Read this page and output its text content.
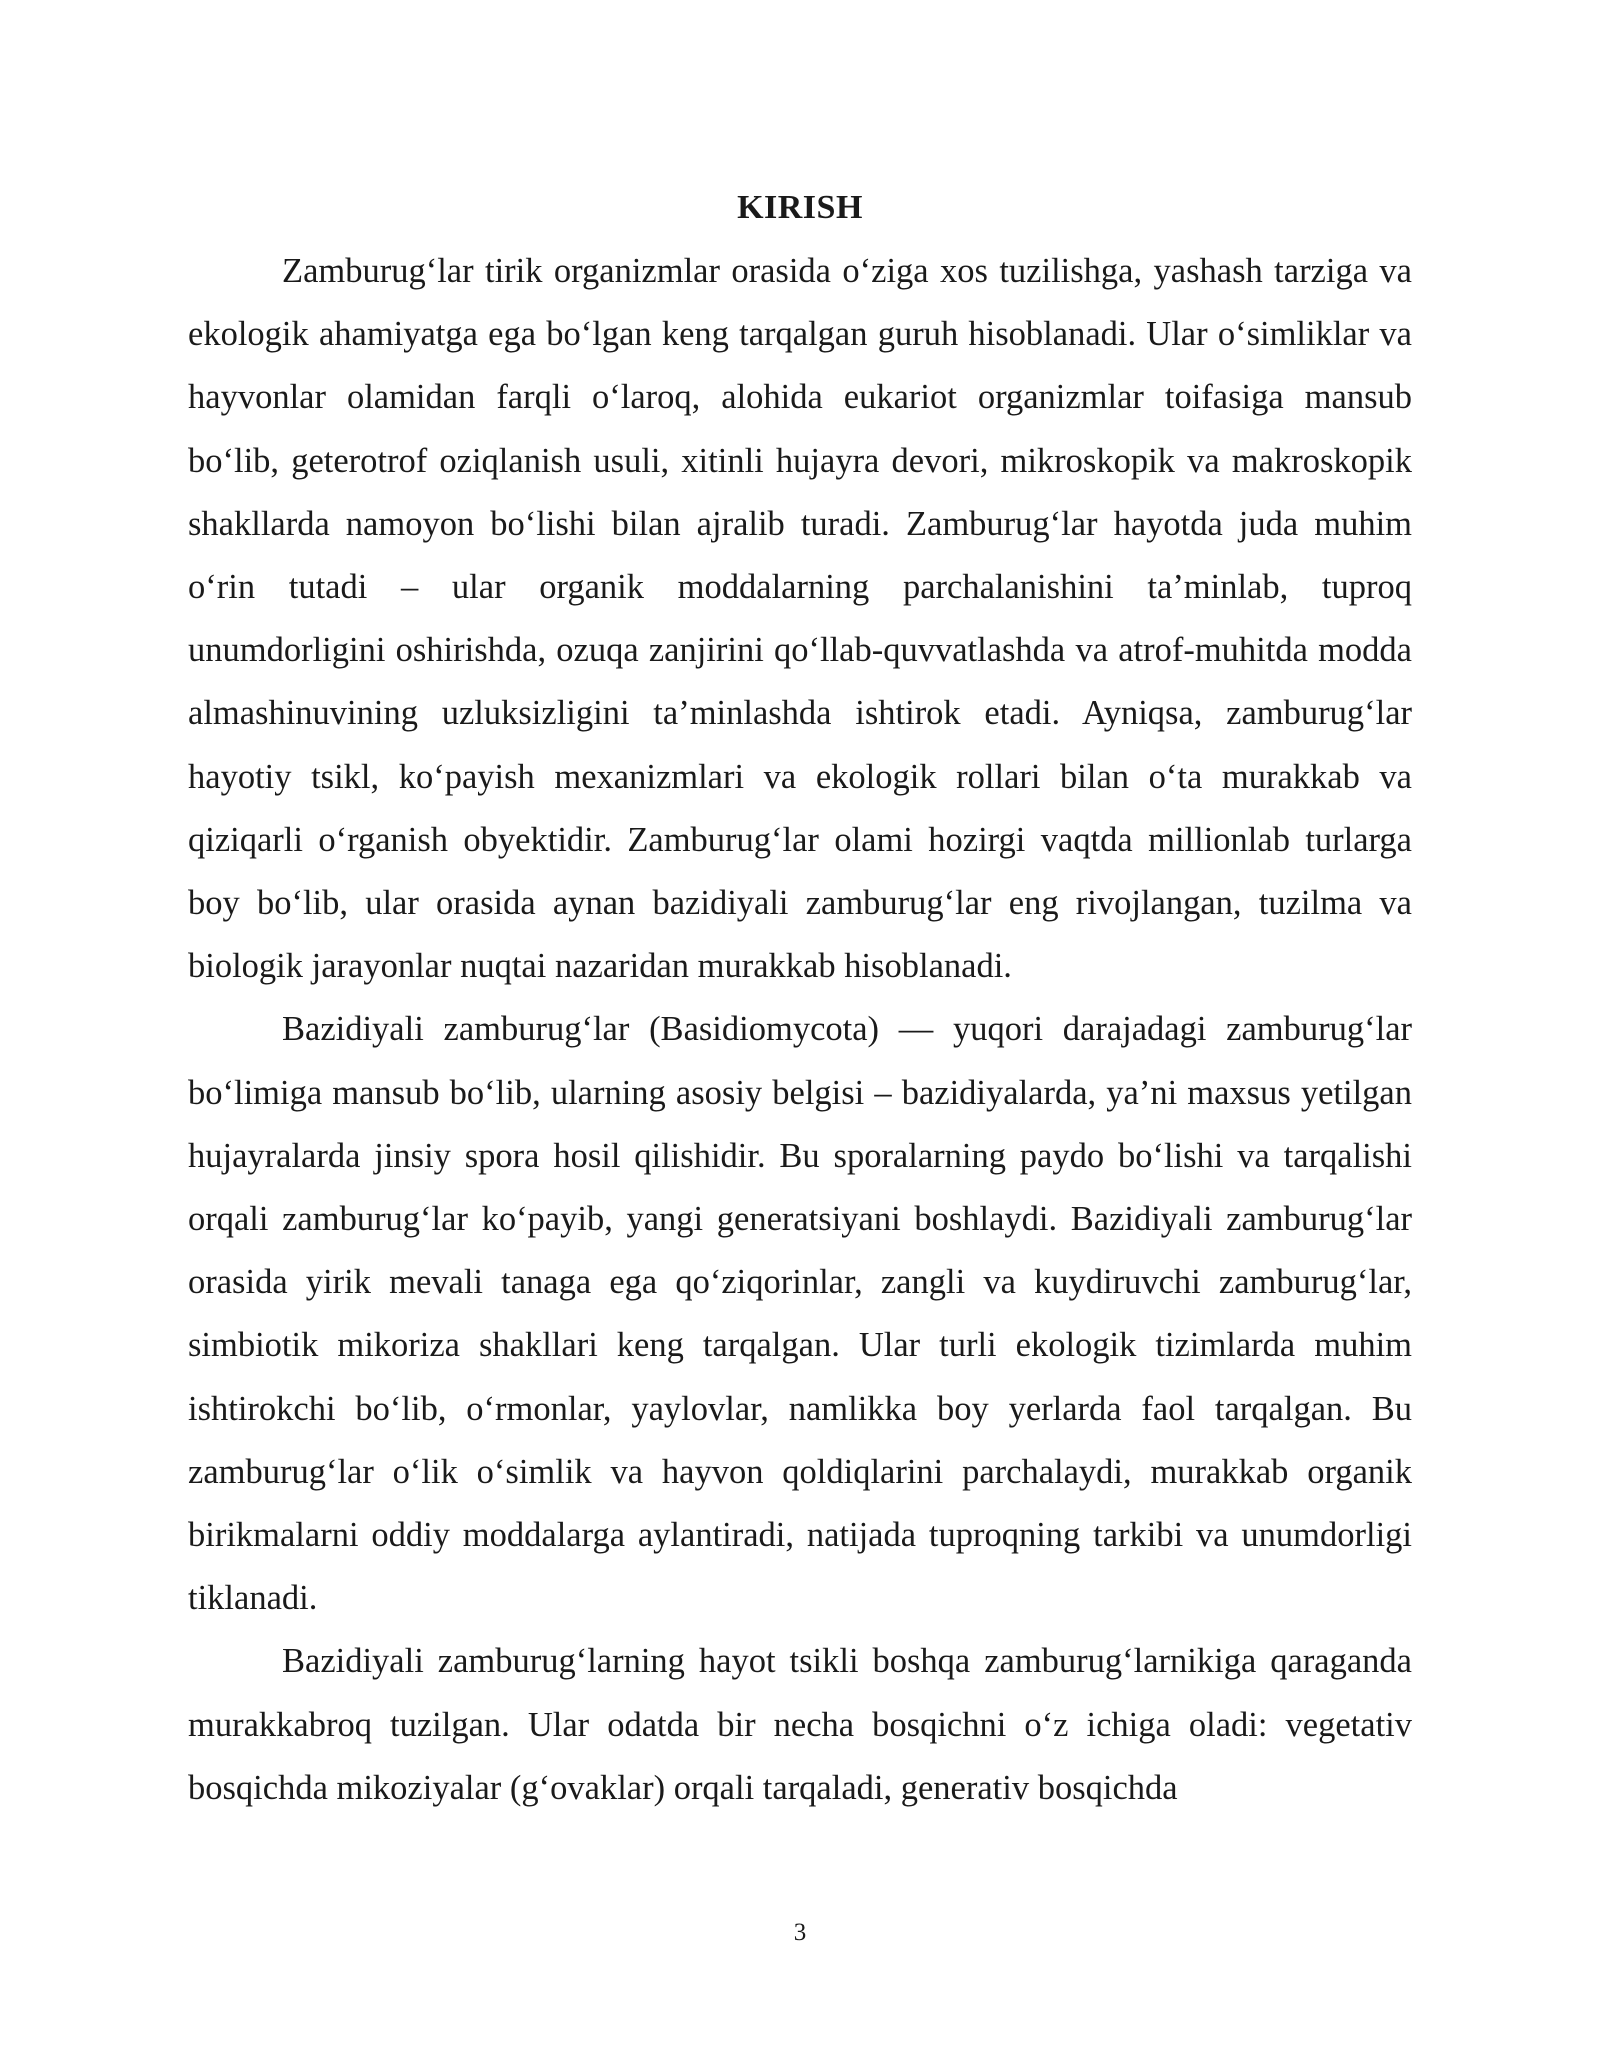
KIRISH

Zamburug‘lar tirik organizmlar orasida o‘ziga xos tuzilishga, yashash tarziga va ekologik ahamiyatga ega bo‘lgan keng tarqalgan guruh hisoblanadi. Ular o‘simliklar va hayvonlar olamidan farqli o‘laroq, alohida eukariot organizmlar toifasiga mansub bo‘lib, geterotrof oziqlanish usuli, xitinli hujayra devori, mikroskopik va makroskopik shakllarda namoyon bo‘lishi bilan ajralib turadi. Zamburug‘lar hayotda juda muhim o‘rin tutadi – ular organik moddalarning parchalanishini ta’minlab, tuproq unumdorligini oshirishda, ozuqa zanjirini qo‘llab-quvvatlashda va atrof-muhitda modda almashinuvining uzluksizligini ta’minlashda ishtirok etadi. Ayniqsa, zamburug‘lar hayotiy tsikl, ko‘payish mexanizmlari va ekologik rollari bilan o‘ta murakkab va qiziqarli o‘rganish obyektidir. Zamburug‘lar olami hozirgi vaqtda millionlab turlarga boy bo‘lib, ular orasida aynan bazidiyali zamburug‘lar eng rivojlangan, tuzilma va biologik jarayonlar nuqtai nazaridan murakkab hisoblanadi.

Bazidiyali zamburug‘lar (Basidiomycota) — yuqori darajadagi zamburug‘lar bo‘limiga mansub bo‘lib, ularning asosiy belgisi – bazidiyalarda, ya’ni maxsus yetilgan hujayralarda jinsiy spora hosil qilishidir. Bu sporalarning paydo bo‘lishi va tarqalishi orqali zamburug‘lar ko‘payib, yangi generatsiyani boshlaydi. Bazidiyali zamburug‘lar orasida yirik mevali tanaga ega qo‘ziqorinlar, zangli va kuydiruvchi zamburug‘lar, simbiotik mikoriza shakllari keng tarqalgan. Ular turli ekologik tizimlarda muhim ishtirokchi bo‘lib, o‘rmonlar, yaylovlar, namlikka boy yerlarda faol tarqalgan. Bu zamburug‘lar o‘lik o‘simlik va hayvon qoldiqlarini parchalaydi, murakkab organik birikmalarni oddiy moddalarga aylantiradi, natijada tuproqning tarkibi va unumdorligi tiklanadi.

Bazidiyali zamburug‘larning hayot tsikli boshqa zamburug‘larnikiga qaraganda murakkabroq tuzilgan. Ular odatda bir necha bosqichni o‘z ichiga oladi: vegetativ bosqichda mikoziyalar (g‘ovaklar) orqali tarqaladi, generativ bosqichda

3
